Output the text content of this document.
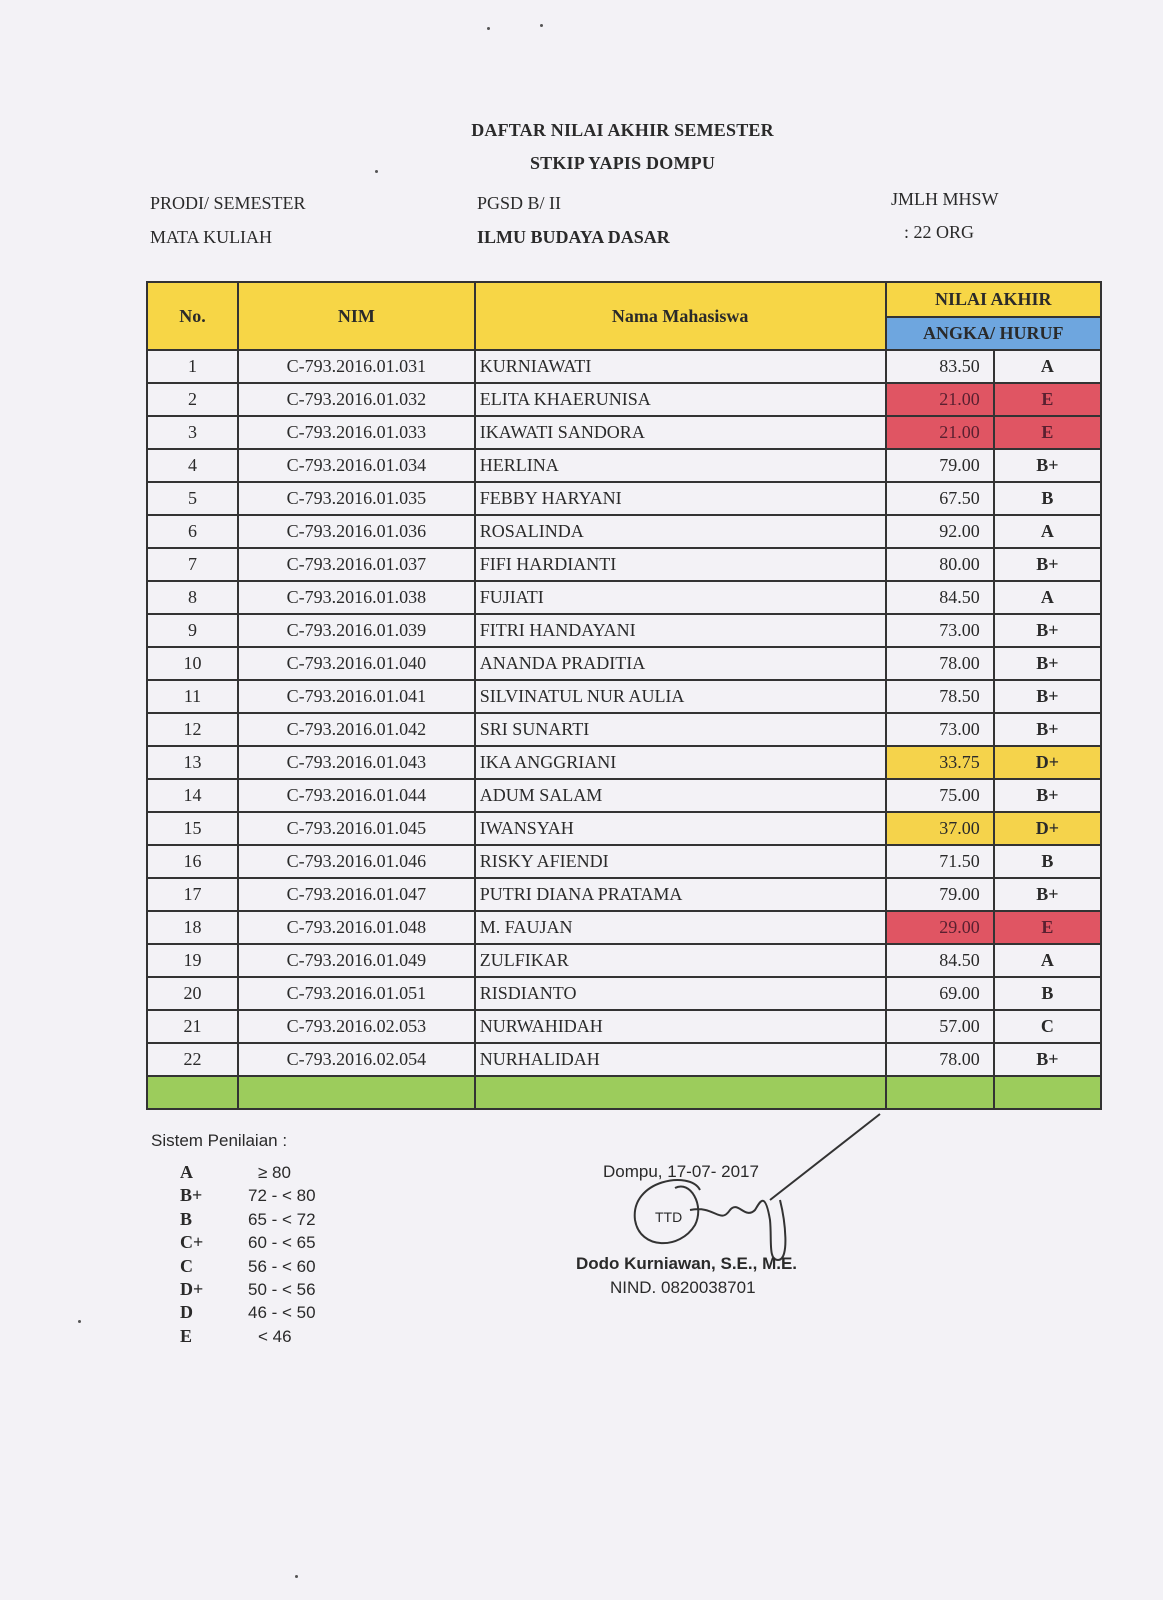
DAFTAR NILAI AKHIR SEMESTER
STKIP YAPIS DOMPU
PRODI/ SEMESTER	PGSD B/ II	JMLH MHSW
MATA KULIAH	ILMU BUDAYA DASAR	: 22 ORG
No.	NIM	Nama Mahasiswa	NILAI AKHIR	
			ANGKA/ HURUF	
1	C-793.2016.01.031	KURNIAWATI	83.50	A
2	C-793.2016.01.032	ELITA KHAERUNISA	21.00	E
3	C-793.2016.01.033	IKAWATI SANDORA	21.00	E
4	C-793.2016.01.034	HERLINA	79.00	B+
5	C-793.2016.01.035	FEBBY HARYANI	67.50	B
6	C-793.2016.01.036	ROSALINDA	92.00	A
7	C-793.2016.01.037	FIFI HARDIANTI	80.00	B+
8	C-793.2016.01.038	FUJIATI	84.50	A
9	C-793.2016.01.039	FITRI HANDAYANI	73.00	B+
10	C-793.2016.01.040	ANANDA PRADITIA	78.00	B+
11	C-793.2016.01.041	SILVINATUL NUR AULIA	78.50	B+
12	C-793.2016.01.042	SRI SUNARTI	73.00	B+
13	C-793.2016.01.043	IKA ANGGRIANI	33.75	D+
14	C-793.2016.01.044	ADUM SALAM	75.00	B+
15	C-793.2016.01.045	IWANSYAH	37.00	D+
16	C-793.2016.01.046	RISKY AFIENDI	71.50	B
17	C-793.2016.01.047	PUTRI DIANA PRATAMA	79.00	B+
18	C-793.2016.01.048	M. FAUJAN	29.00	E
19	C-793.2016.01.049	ZULFIKAR	84.50	A
20	C-793.2016.01.051	RISDIANTO	69.00	B
21	C-793.2016.02.053	NURWAHIDAH	57.00	C
22	C-793.2016.02.054	NURHALIDAH	78.00	B+

Sistem Penilaian :
A	≥ 80
B+	72 - < 80
B	65 - < 72
C+	60 - < 65
C	56 - < 60
D+	50 - < 56
D	46 - < 50
E	< 46
Dompu, 17-07- 2017
TTD
Dodo Kurniawan, S.E., M.E.
NIND. 0820038701
